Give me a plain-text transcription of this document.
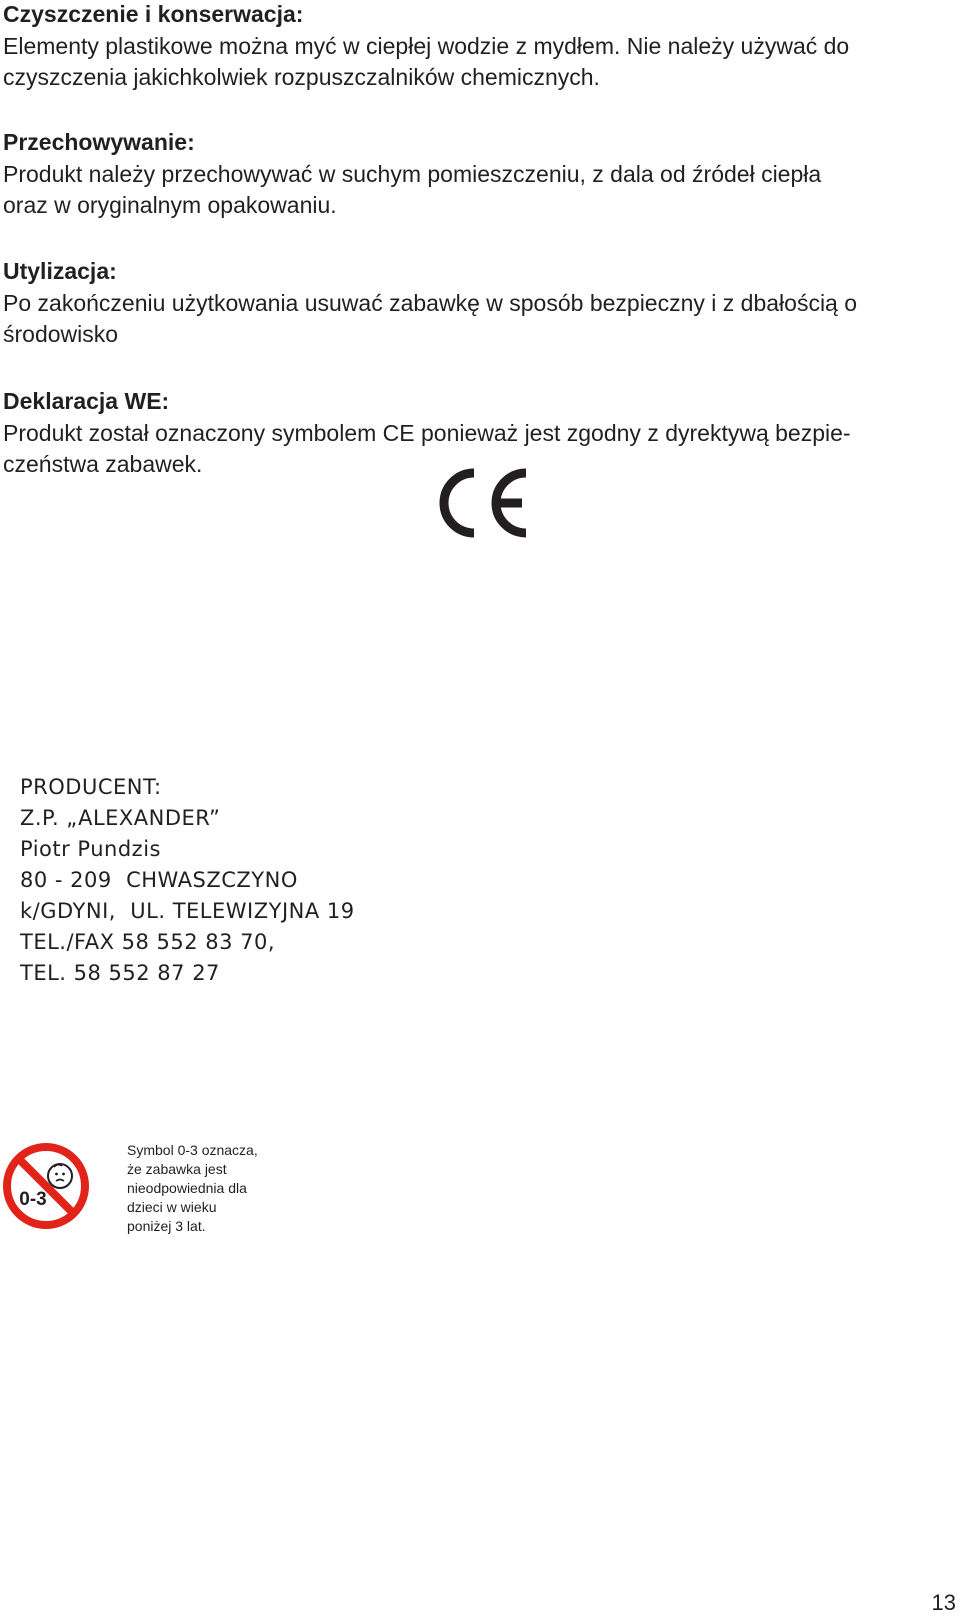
Czyszczenie i konserwacja:

Elementy plastikowe można myć w ciepłej wodzie z mydłem. Nie należy używać do

czyszczenia jakichkolwiek rozpuszczalników chemicznych.

Przechowywanie:

Produkt należy przechowywać w suchym pomieszczeniu, z dala od źródeł ciepła

oraz w oryginalnym opakowaniu.

Utylizacja:

Po zakończeniu użytkowania usuwać zabawkę w sposób bezpieczny i z dbałością o

środowisko

Deklaracja WE:

Produkt został oznaczony symbolem CE ponieważ jest zgodny z dyrektywą bezpie-

czeństwa zabawek.

PRODUCENT:
Z.P. „ALEXANDER”
Piotr Pundzis
80 - 209  CHWASZCZYNO
k/GDYNI,  UL. TELEWIZYJNA 19
TEL./FAX 58 552 83 70,
TEL. 58 552 87 27
0-3
Symbol 0-3 oznacza,
że zabawka jest
nieodpowiednia dla
dzieci w wieku
poniżej 3 lat.
13
